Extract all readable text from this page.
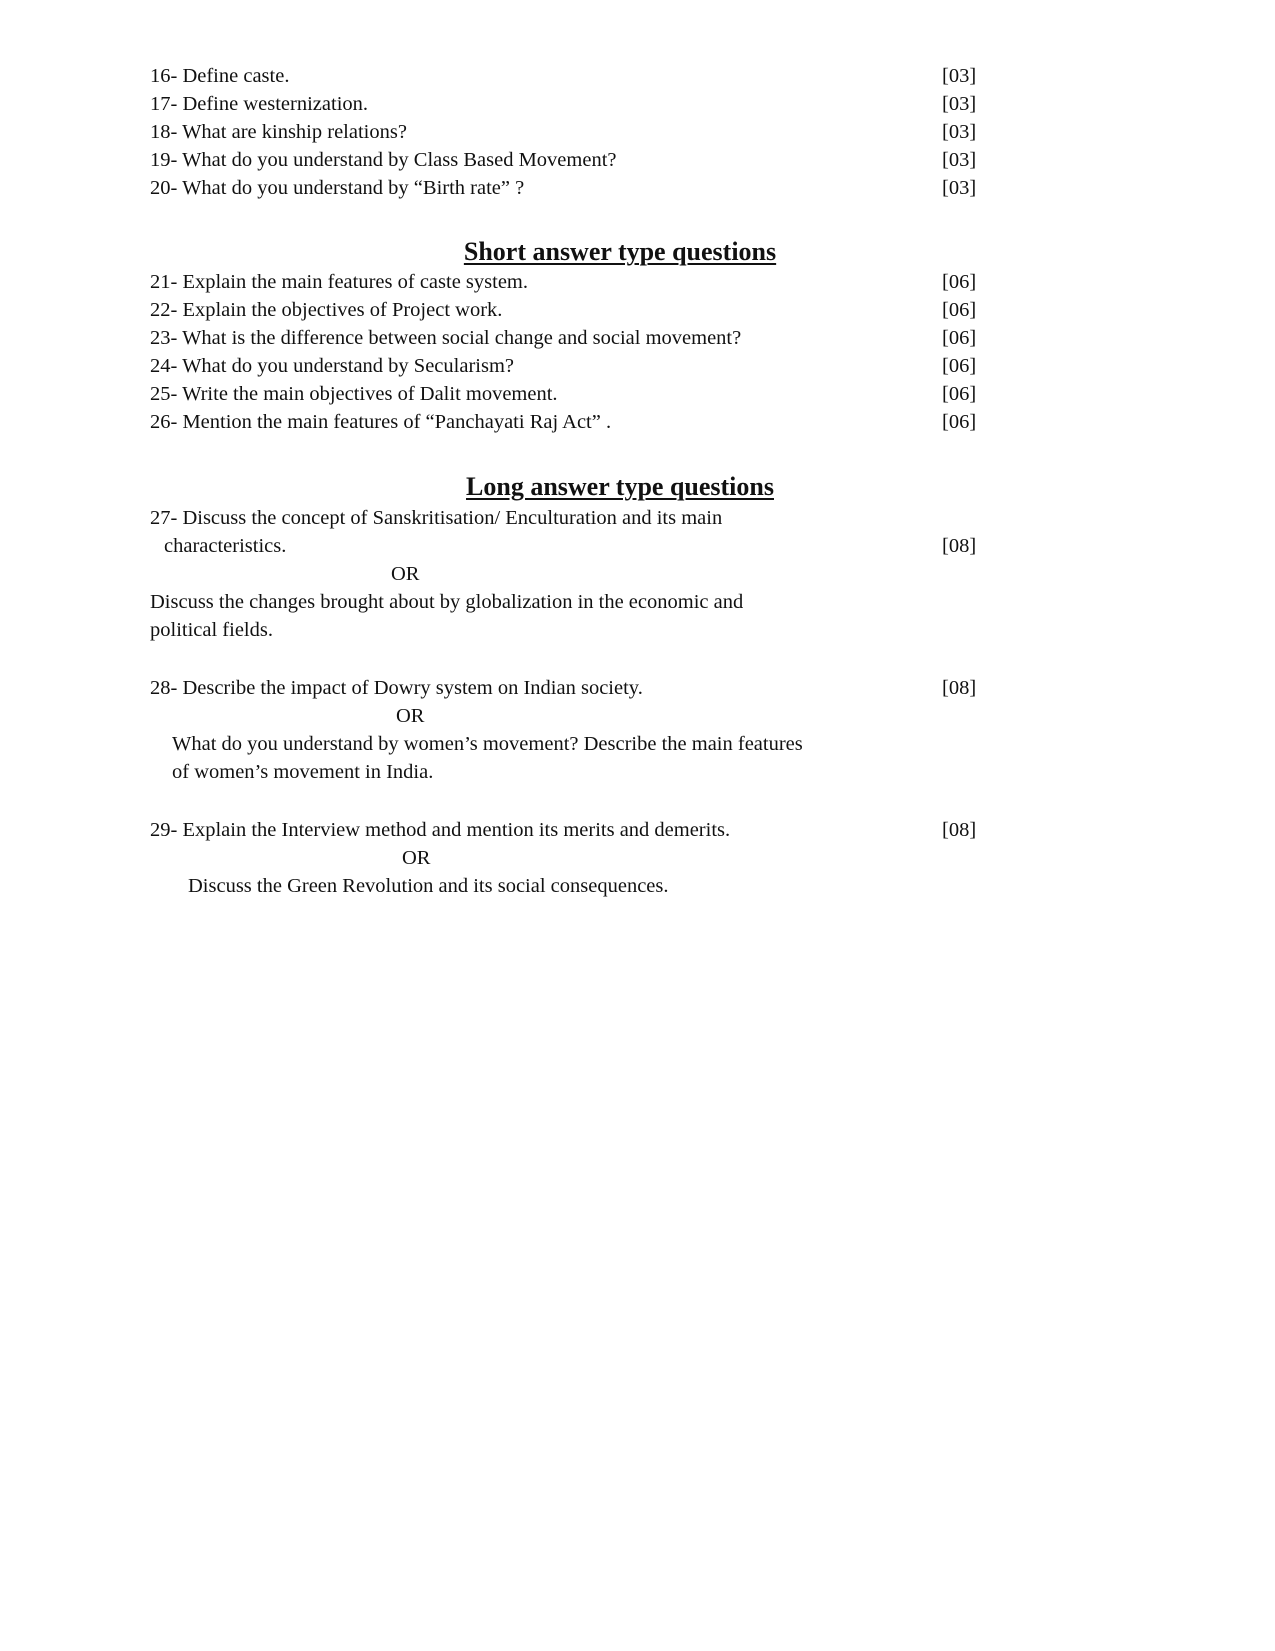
16- Define caste.	[03]
17- Define westernization.	[03]
18- What are kinship relations?	[03]
19- What do you understand by Class Based Movement?	[03]
20- What do you understand by “Birth rate” ?	[03]
Short answer type questions
21- Explain the main features of caste system.	[06]
22- Explain the objectives of Project work.	[06]
23- What is the difference between social change and social movement?	[06]
24- What do you understand by Secularism?	[06]
25- Write the main objectives of Dalit movement.	[06]
26- Mention the main features of “Panchayati Raj Act” .	[06]
Long answer type questions
27- Discuss the concept of Sanskritisation/ Enculturation and its main
characteristics.	[08]
OR
Discuss the changes brought about by globalization in the economic and
political fields.
28- Describe the impact of Dowry system on Indian society.	[08]
OR
What do you understand by women’s movement? Describe the main features
of women’s movement in India.
29- Explain the Interview method and mention its merits and demerits.	[08]
OR
Discuss the Green Revolution and its social consequences.
